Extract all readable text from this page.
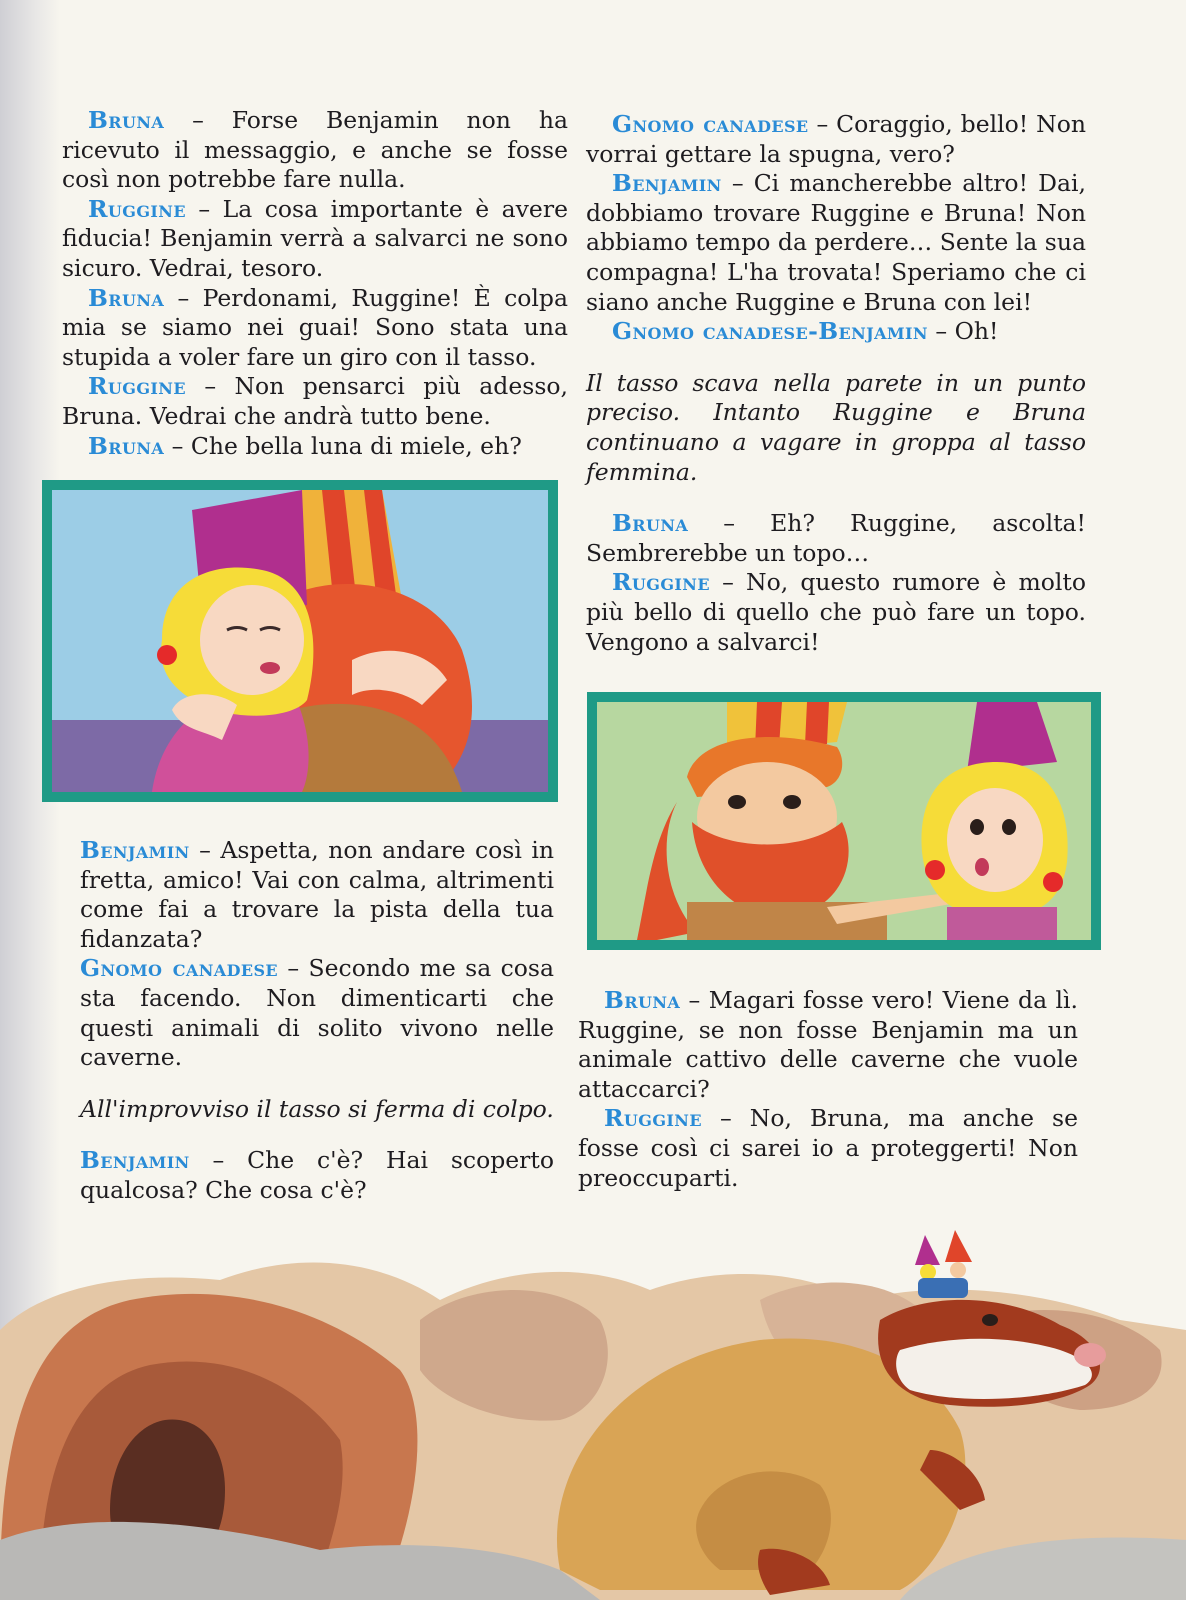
Bruna – Forse Benjamin non ha ricevuto il messaggio, e anche se fosse così non potrebbe fare nulla.

Ruggine – La cosa importante è avere fiducia! Benjamin verrà a salvarci ne sono sicuro. Vedrai, tesoro.

Bruna – Perdonami, Ruggine! È colpa mia se siamo nei guai! Sono stata una stupida a voler fare un giro con il tasso.

Ruggine – Non pensarci più adesso, Bruna. Vedrai che andrà tutto bene.

Bruna – Che bella luna di miele, eh?

Benjamin – Aspetta, non andare così in fretta, amico! Vai con calma, altrimenti come fai a trovare la pista della tua fidanzata?

Gnomo canadese – Secondo me sa cosa sta facendo. Non dimenticarti che questi animali di solito vivono nelle caverne.

All'improvviso il tasso si ferma di colpo.

Benjamin – Che c'è? Hai scoperto qualcosa? Che cosa c'è?

Gnomo canadese – Coraggio, bello! Non vorrai gettare la spugna, vero?

Benjamin – Ci mancherebbe altro! Dai, dobbiamo trovare Ruggine e Bruna! Non abbiamo tempo da perdere… Sente la sua compagna! L'ha trovata! Speriamo che ci siano anche Ruggine e Bruna con lei!

Gnomo canadese-Benjamin – Oh!

Il tasso scava nella parete in un punto preciso. Intanto Ruggine e Bruna continuano a vagare in groppa al tasso femmina.

Bruna – Eh? Ruggine, ascolta! Sembrerebbe un topo…

Ruggine – No, questo rumore è molto più bello di quello che può fare un topo. Vengono a salvarci!

Bruna – Magari fosse vero! Viene da lì. Ruggine, se non fosse Benjamin ma un animale cattivo delle caverne che vuole attaccarci?

Ruggine – No, Bruna, ma anche se fosse così ci sarei io a proteggerti! Non preoccuparti.
